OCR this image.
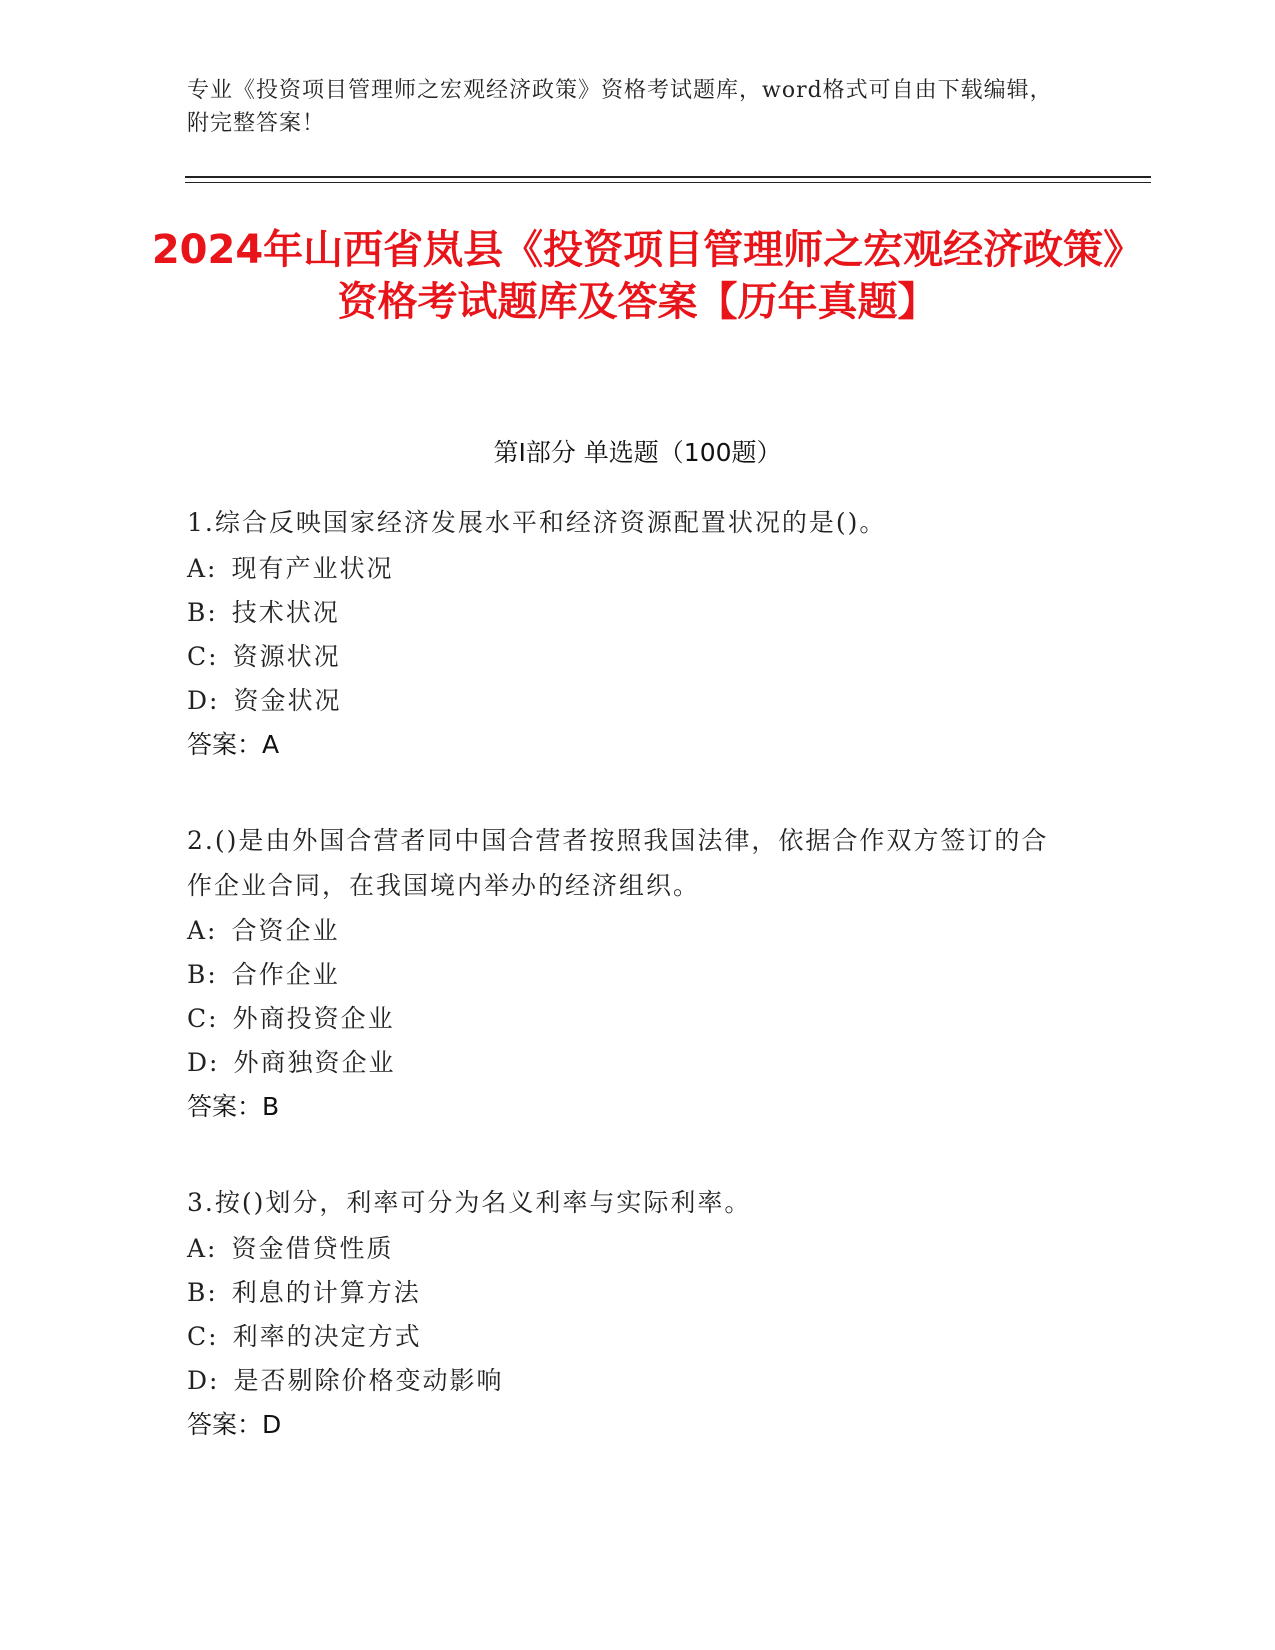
专业《投资项目管理师之宏观经济政策》资格考试题库，word格式可自由下载编辑，附完整答案！
2024年山西省岚县《投资项目管理师之宏观经济政策》资格考试题库及答案【历年真题】
第I部分 单选题（100题）
1.综合反映国家经济发展水平和经济资源配置状况的是()。
A: 现有产业状况
B: 技术状况
C: 资源状况
D: 资金状况
答案：A
2.()是由外国合营者同中国合营者按照我国法律，依据合作双方签订的合作企业合同，在我国境内举办的经济组织。
A: 合资企业
B: 合作企业
C: 外商投资企业
D: 外商独资企业
答案：B
3.按()划分，利率可分为名义利率与实际利率。
A: 资金借贷性质
B: 利息的计算方法
C: 利率的决定方式
D: 是否剔除价格变动影响
答案：D
